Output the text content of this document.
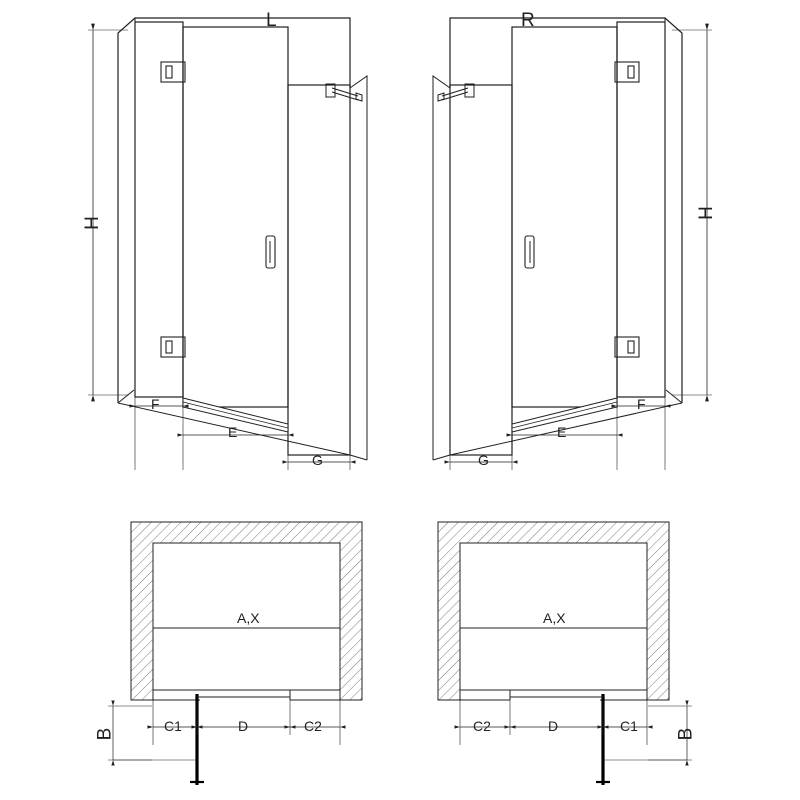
L	R
H
H
F
E
G	G
E
F
A,X	A,X
C1	D	C2	C2	D	C1
B	B
